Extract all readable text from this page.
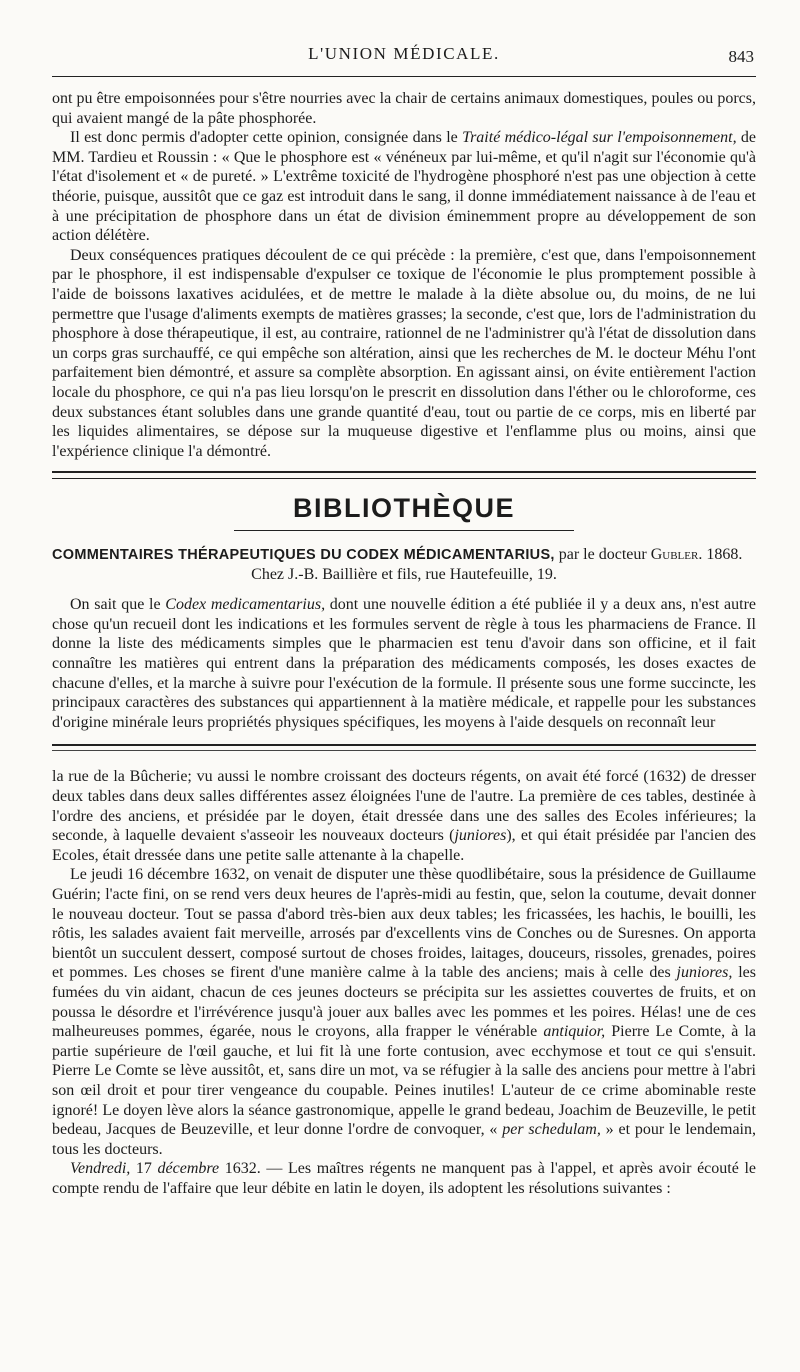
L'UNION MÉDICALE.	843

ont pu être empoisonnées pour s'être nourries avec la chair de certains animaux domestiques, poules ou porcs, qui avaient mangé de la pâte phosphorée.

Il est donc permis d'adopter cette opinion, consignée dans le Traité médico-légal sur l'empoisonnement, de MM. Tardieu et Roussin : « Que le phosphore est « vénéneux par lui-même, et qu'il n'agit sur l'économie qu'à l'état d'isolement et « de pureté. » L'extrême toxicité de l'hydrogène phosphoré n'est pas une objection à cette théorie, puisque, aussitôt que ce gaz est introduit dans le sang, il donne immédiatement naissance à de l'eau et à une précipitation de phosphore dans un état de division éminemment propre au développement de son action délétère.

Deux conséquences pratiques découlent de ce qui précède : la première, c'est que, dans l'empoisonnement par le phosphore, il est indispensable d'expulser ce toxique de l'économie le plus promptement possible à l'aide de boissons laxatives acidulées, et de mettre le malade à la diète absolue ou, du moins, de ne lui permettre que l'usage d'aliments exempts de matières grasses; la seconde, c'est que, lors de l'administration du phosphore à dose thérapeutique, il est, au contraire, rationnel de ne l'administrer qu'à l'état de dissolution dans un corps gras surchauffé, ce qui empêche son altération, ainsi que les recherches de M. le docteur Méhu l'ont parfaitement bien démontré, et assure sa complète absorption. En agissant ainsi, on évite entièrement l'action locale du phosphore, ce qui n'a pas lieu lorsqu'on le prescrit en dissolution dans l'éther ou le chloroforme, ces deux substances étant solubles dans une grande quantité d'eau, tout ou partie de ce corps, mis en liberté par les liquides alimentaires, se dépose sur la muqueuse digestive et l'enflamme plus ou moins, ainsi que l'expérience clinique l'a démontré.

BIBLIOTHÈQUE
COMMENTAIRES THÉRAPEUTIQUES DU CODEX MÉDICAMENTARIUS, par le docteur Gubler. 1868.
Chez J.-B. Baillière et fils, rue Hautefeuille, 19.

On sait que le Codex medicamentarius, dont une nouvelle édition a été publiée il y a deux ans, n'est autre chose qu'un recueil dont les indications et les formules servent de règle à tous les pharmaciens de France. Il donne la liste des médicaments simples que le pharmacien est tenu d'avoir dans son officine, et il fait connaître les matières qui entrent dans la préparation des médicaments composés, les doses exactes de chacune d'elles, et la marche à suivre pour l'exécution de la formule. Il présente sous une forme succincte, les principaux caractères des substances qui appartiennent à la matière médicale, et rappelle pour les substances d'origine minérale leurs propriétés physiques spécifiques, les moyens à l'aide desquels on reconnaît leur

la rue de la Bûcherie; vu aussi le nombre croissant des docteurs régents, on avait été forcé (1632) de dresser deux tables dans deux salles différentes assez éloignées l'une de l'autre. La première de ces tables, destinée à l'ordre des anciens, et présidée par le doyen, était dressée dans une des salles des Ecoles inférieures; la seconde, à laquelle devaient s'asseoir les nouveaux docteurs (juniores), et qui était présidée par l'ancien des Ecoles, était dressée dans une petite salle attenante à la chapelle.

Le jeudi 16 décembre 1632, on venait de disputer une thèse quodlibétaire, sous la présidence de Guillaume Guérin; l'acte fini, on se rend vers deux heures de l'après-midi au festin, que, selon la coutume, devait donner le nouveau docteur. Tout se passa d'abord très-bien aux deux tables; les fricassées, les hachis, le bouilli, les rôtis, les salades avaient fait merveille, arrosés par d'excellents vins de Conches ou de Suresnes. On apporta bientôt un succulent dessert, composé surtout de choses froides, laitages, douceurs, rissoles, grenades, poires et pommes. Les choses se firent d'une manière calme à la table des anciens; mais à celle des juniores, les fumées du vin aidant, chacun de ces jeunes docteurs se précipita sur les assiettes couvertes de fruits, et on poussa le désordre et l'irrévérence jusqu'à jouer aux balles avec les pommes et les poires. Hélas! une de ces malheureuses pommes, égarée, nous le croyons, alla frapper le vénérable antiquior, Pierre Le Comte, à la partie supérieure de l'œil gauche, et lui fit là une forte contusion, avec ecchymose et tout ce qui s'ensuit. Pierre Le Comte se lève aussitôt, et, sans dire un mot, va se réfugier à la salle des anciens pour mettre à l'abri son œil droit et pour tirer vengeance du coupable. Peines inutiles! L'auteur de ce crime abominable reste ignoré! Le doyen lève alors la séance gastronomique, appelle le grand bedeau, Joachim de Beuzeville, le petit bedeau, Jacques de Beuzeville, et leur donne l'ordre de convoquer, « per schedulam, » et pour le lendemain, tous les docteurs.

Vendredi, 17 décembre 1632. — Les maîtres régents ne manquent pas à l'appel, et après avoir écouté le compte rendu de l'affaire que leur débite en latin le doyen, ils adoptent les résolutions suivantes :
